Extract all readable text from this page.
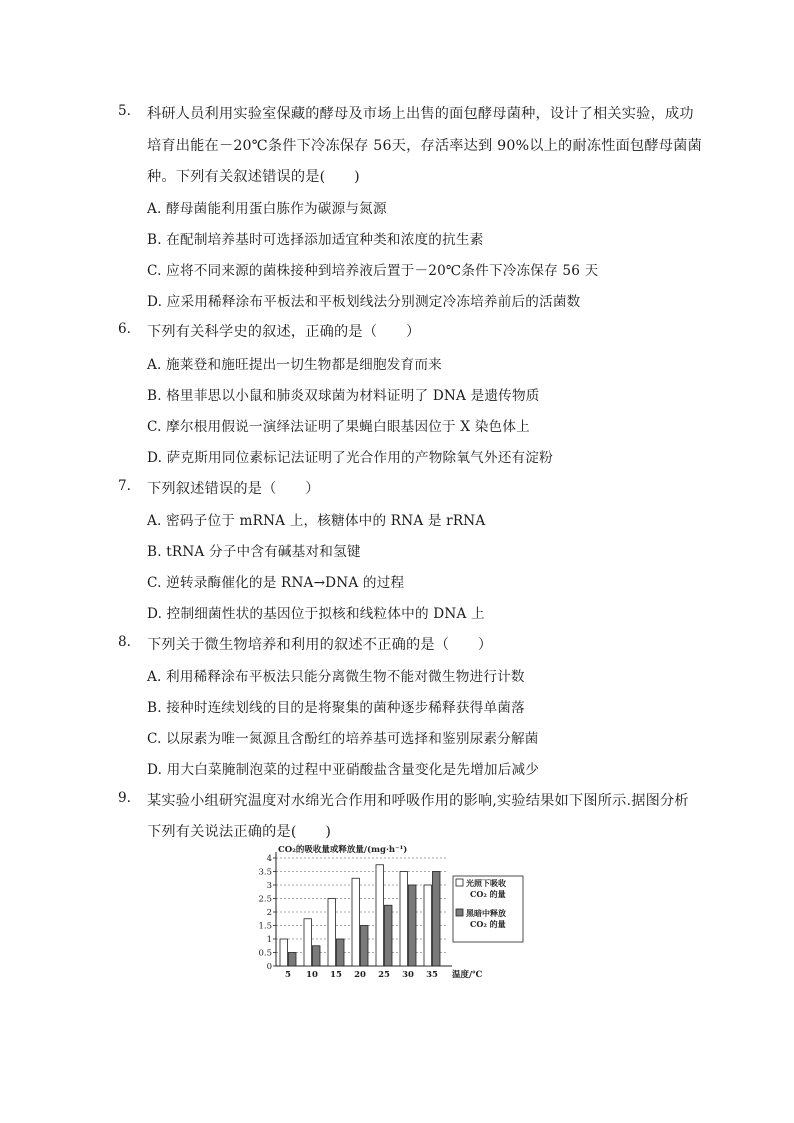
5. 科研人员利用实验室保藏的酵母及市场上出售的面包酵母菌种，设计了相关实验，成功
培育出能在－20℃条件下冷冻保存 56天，存活率达到 90%以上的耐冻性面包酵母菌菌
种。下列有关叙述错误的是(　　)
A. 酵母菌能利用蛋白胨作为碳源与氮源
B. 在配制培养基时可选择添加适宜种类和浓度的抗生素
C. 应将不同来源的菌株接种到培养液后置于－20℃条件下冷冻保存 56 天
D. 应采用稀释涂布平板法和平板划线法分别测定冷冻培养前后的活菌数
6. 下列有关科学史的叙述，正确的是（　　）
A. 施莱登和施旺提出一切生物都是细胞发育而来
B. 格里菲思以小鼠和肺炎双球菌为材料证明了 DNA 是遗传物质
C. 摩尔根用假说一演绎法证明了果蝇白眼基因位于 X 染色体上
D. 萨克斯用同位素标记法证明了光合作用的产物除氧气外还有淀粉
7. 下列叙述错误的是（　　）
A. 密码子位于 mRNA 上，核糖体中的 RNA 是 rRNA
B. tRNA 分子中含有碱基对和氢键
C. 逆转录酶催化的是 RNA→DNA 的过程
D. 控制细菌性状的基因位于拟核和线粒体中的 DNA 上
8. 下列关于微生物培养和利用的叙述不正确的是（　　）
A. 利用稀释涂布平板法只能分离微生物不能对微生物进行计数
B. 接种时连续划线的目的是将聚集的菌种逐步稀释获得单菌落
C. 以尿素为唯一氮源且含酚红的培养基可选择和鉴别尿素分解菌
D. 用大白菜腌制泡菜的过程中亚硝酸盐含量变化是先增加后减少
9. 某实验小组研究温度对水绵光合作用和呼吸作用的影响,实验结果如下图所示.据图分析
下列有关说法正确的是(　　)
CO₂的吸收量或释放量/(mg·h⁻¹)
0
0.5
1
1.5
2
2.5
3
3.5
4
5 10 15 20 25 30 35 温度/℃
光照下吸收
CO₂ 的量
黑暗中释放
CO₂ 的量
